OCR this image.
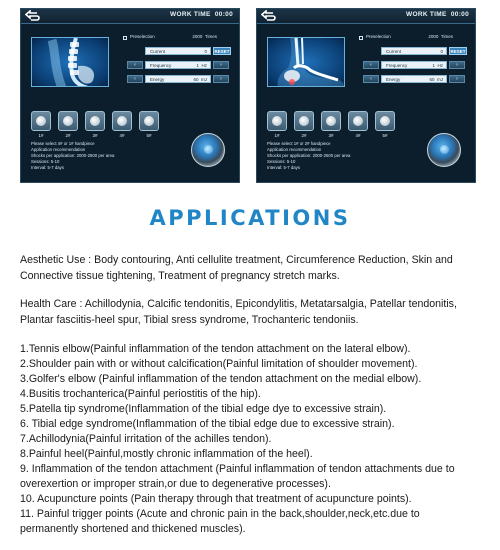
WORK TIME 00:00
Preselection	2000 Times
Current	0	RESET
‹	Frequency	1 Hz	›
‹	Energy	60 mJ	›
1#	2#	3#	4#	5#

Please select 4# or 1# handpiece

Application recommendation

Shocks per application: 2000-2500 per area

Sessions: 5-10

Interval: 5-7 days

WORK TIME 00:00
Preselection	2000 Times
Current	0	RESET
‹	Frequency	1 Hz	›
‹	Energy	60 mJ	›
1#	2#	3#	4#	5#

Please select 1# or 2# handpiece

Application recommendation

Shocks per application: 2000-2500 per area

Sessions: 5-10

Interval: 5-7 days

APPLICATIONS

Aesthetic Use : Body contouring, Anti cellulite treatment, Circumference Reduction, Skin and Connective tissue tightening, Treatment of pregnancy stretch marks.

Health Care : Achillodynia, Calcific tendonitis, Epicondylitis, Metatarsalgia, Patellar tendonitis, Plantar fasciitis-heel spur, Tibial sress syndrome, Trochanteric tendoniis.

1.Tennis elbow(Painful inflammation of the tendon attachment on the lateral elbow).
2.Shoulder pain with or without calcification(Painful limitation of shoulder movement).
3.Golfer's elbow (Painful inflammation of the tendon attachment on the medial elbow).
4.Busitis trochanterica(Painful periostitis of the hip).
5.Patella tip syndrome(Inflammation of the tibial edge dye to excessive strain).
6. Tibial edge syndrome(Inflammation of the tibial edge due to excessive strain).
7.Achillodynia(Painful irritation of the achilles tendon).
8.Painful heel(Painful,mostly chronic inflammation of the heel).
9. Inflammation of the tendon attachment (Painful inflammation of tendon attachments due to
overexertion or improper strain,or due to degenerative processes).
10. Acupuncture points (Pain therapy through that treatment of acupuncture points).
11. Painful trigger points (Acute and chronic pain in the back,shoulder,neck,etc.due to
permanently shortened and thickened muscles).
